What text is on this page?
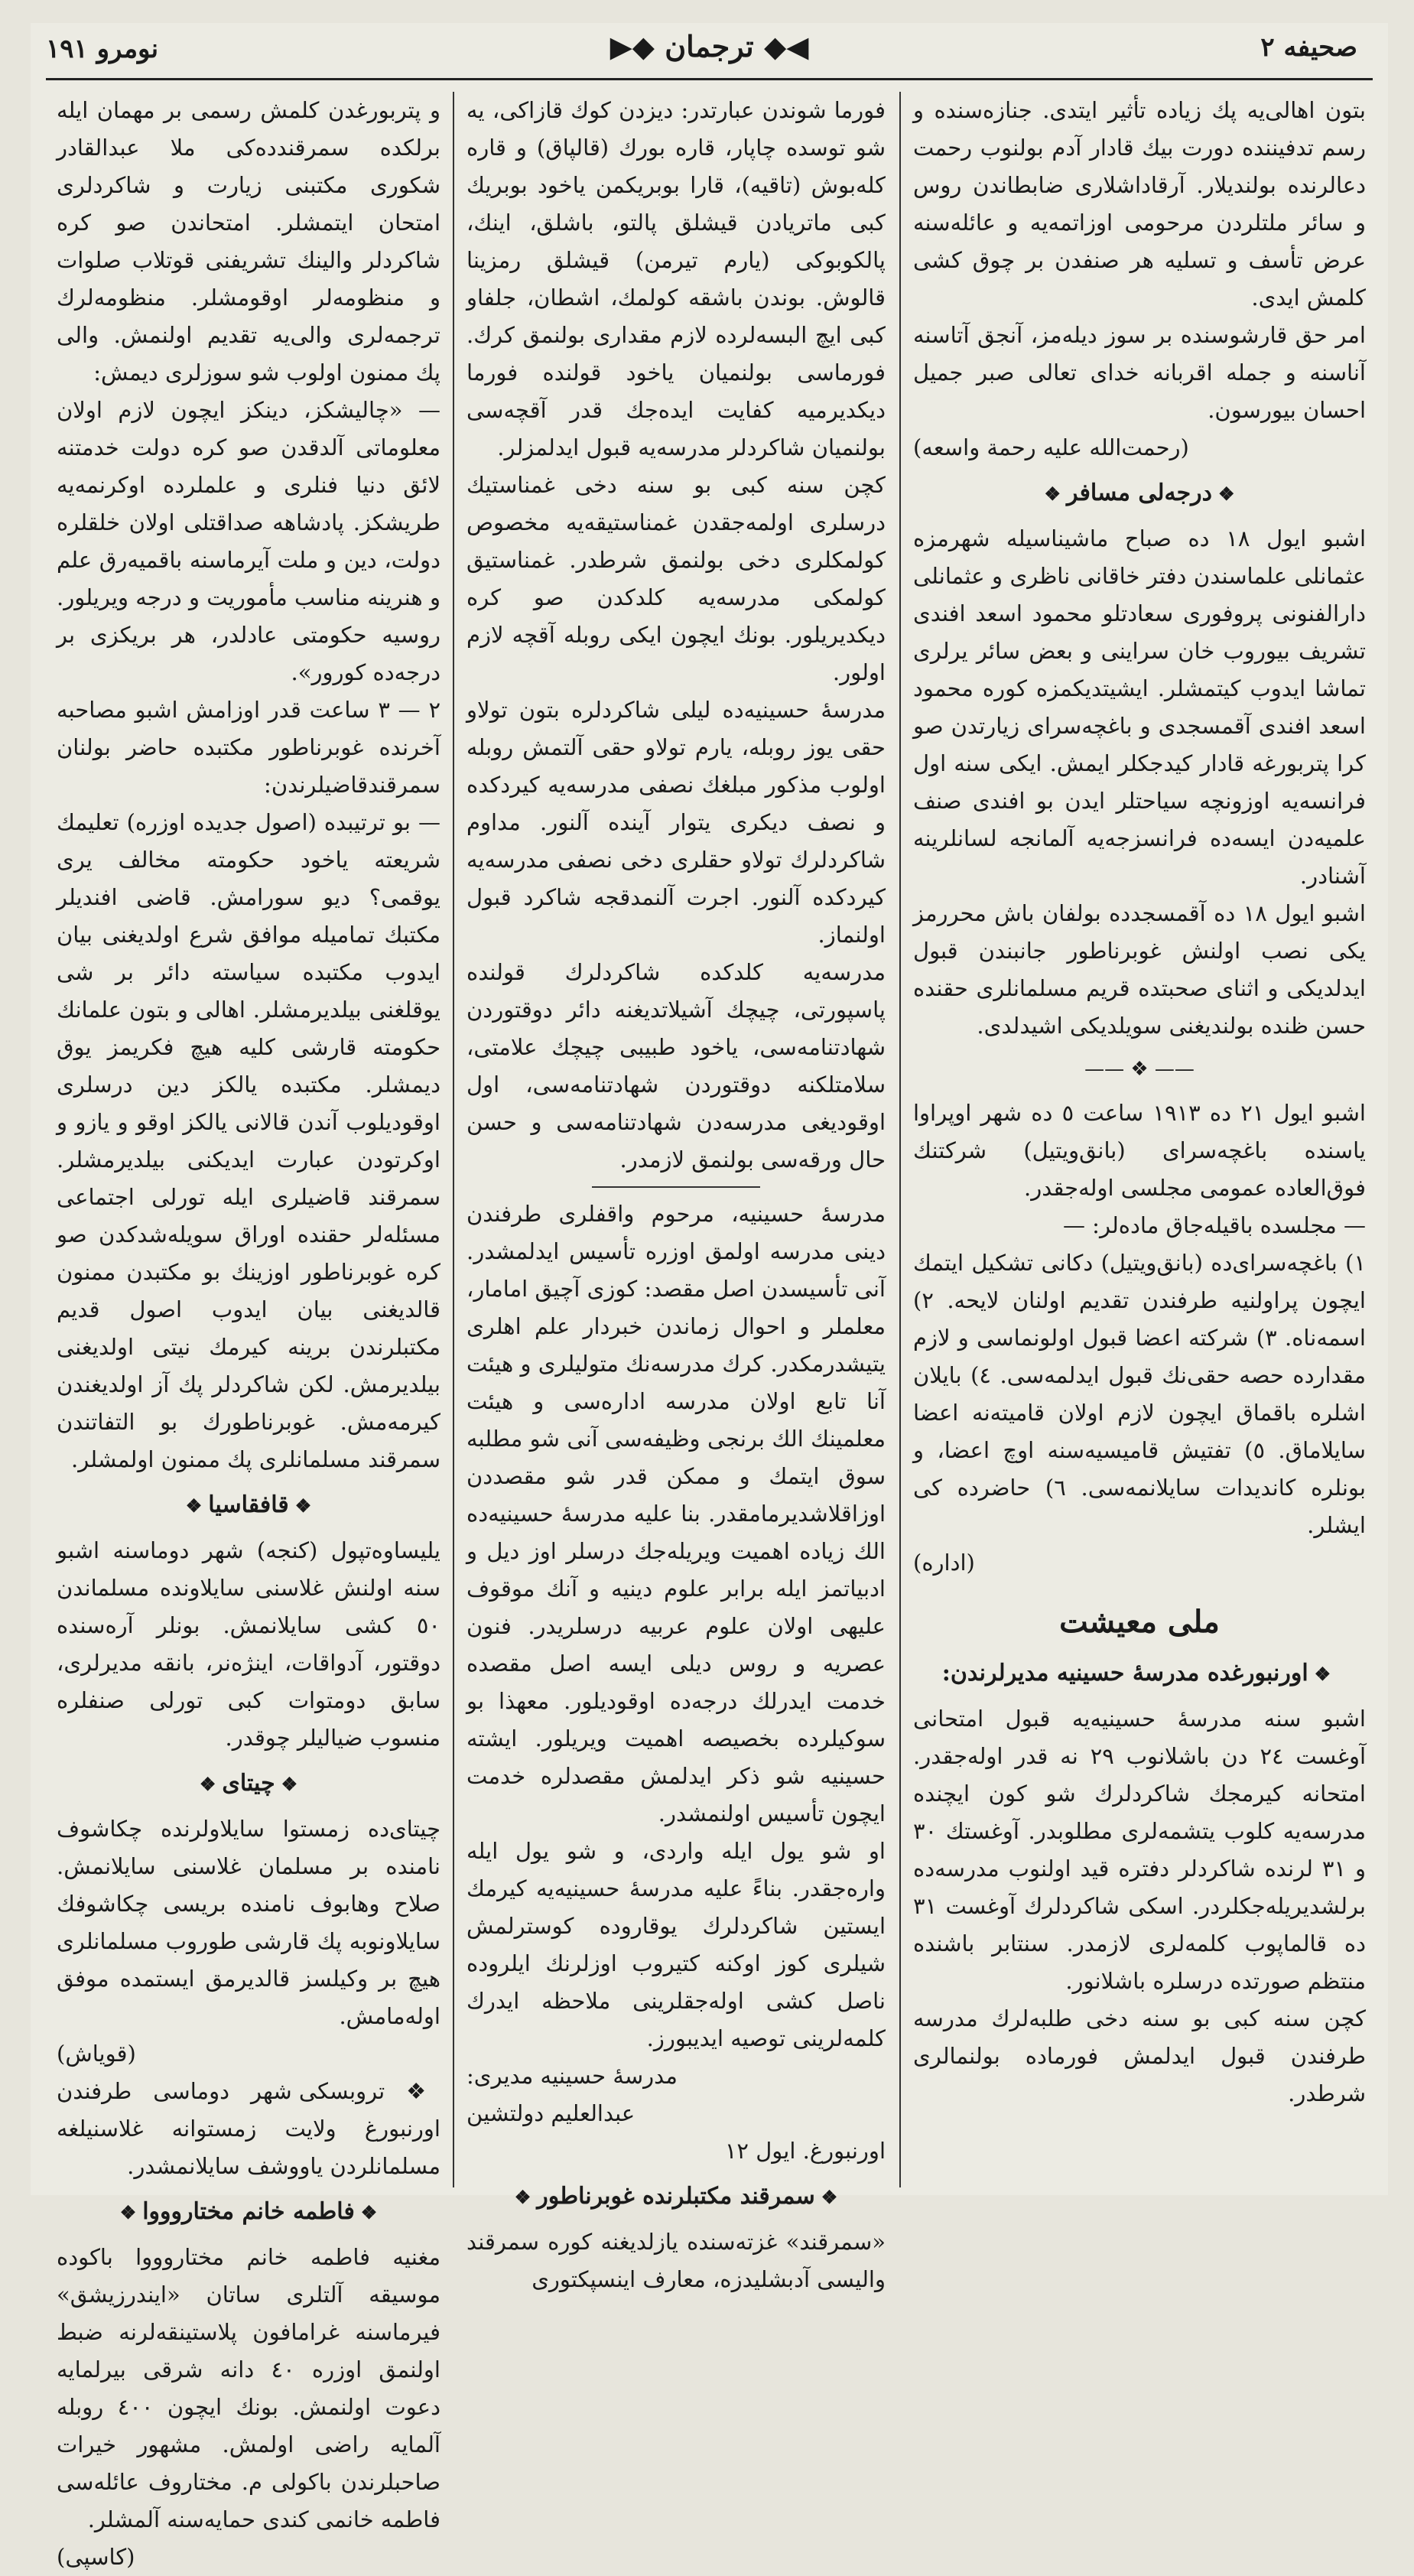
صحیفه ٢
◀◆ ترجمان ◆▶
نومرو ١٩١

بتون اهالی‌یه پك زیاده تأثیر ایتدی. جنازه‌سنده و رسم تدفیننده دورت بیك قادار آدم بولنوب رحمت دعالرنده بولندیلار. آرقاداشلاری ضابطاندن روس و سائر ملتلردن مرحومی اوزاتمه‌یه و عائله‌سنه عرض تأسف و تسلیه هر صنفدن بر چوق کشی کلمش ایدی.

امر حق قارشوسنده بر سوز دیله‌مز، آنجق آتاسنه آناسنه و جمله اقربانه خدای تعالی صبر جمیل احسان بیورسون.

(رحمت‌الله علیه رحمة واسعه)

❖درجه‌لی مسافر❖

اشبو ایول ١٨ ده صباح ماشینا‌سیله شهرمزه عثمانلی علماسندن دفتر خاقانی ناظری و عثمانلی دارالفنونی پروفوری سعادتلو محمود اسعد افندی تشریف بیوروب خان سراینی و بعض سائر یرلری تماشا ایدوب کیتمشلر. ایشیتدیکمزه کوره محمود اسعد افندی آقمسجدی و باغچه‌سرای زیارتدن صو کرا پتربورغه قادار کیدجکلر ایمش. ایکی سنه اول فرانسه‌یه اوزونچه سیاحتلر ایدن بو افندی صنف علمیه‌دن ایسه‌ده فرانسزجه‌یه آلمانجه لسانلرینه آشنادر.

اشبو ایول ١٨ ده آقمسجدده بولفان باش محررمز یکی نصب اولنش غوبرناطور جانبندن قبول ایدلدیکی و اثنای صحبتده قریم مسلمانلری حقنده حسن ظنده بولندیغنی سویلدیکی اشیدلدی.

—— ❖ ——

اشبو ایول ٢١ ده ١٩١٣ ساعت ٥ ده شهر اوپراوا یاسنده باغچه‌سرای (بانق‌ویتیل) شرکتنك فوق‌العاده عمومی مجلسی اوله‌جقدر.

— مجلسده باقیله‌جاق ماده‌لر: —

١) باغچه‌سرای‌ده (بانق‌ویتیل) دكانی تشکیل ایتمك ایچون پراولنیه طرفندن تقدیم اولنان لایحه. ٢) اسمه‌ناه. ٣) شرکته اعضا قبول اولونماسی و لازم مقدارده حصه حقی‌نك قبول ایدلمه‌سی. ٤) بایلان اشلره باقماق ایچون لازم اولان قامیته‌نه اعضا سایلاماق. ٥) تفتیش قامیسیه‌سنه اوچ اعضا، و بونلره کاندیدات سایلانمه‌سی. ٦) حاضرده کی ایشلر.

(اداره)

ملی معیشت
❖اورنبورغده مدرسهٔ حسینیه مدیرلرندن:

اشبو سنه مدرسهٔ حسینیه‌یه قبول امتحانی آوغست ٢٤ دن باشلانوب ٢٩ نه قدر اوله‌جقدر. امتحانه کیرمجك شاکردلرك شو کون ایچنده مدرسه‌یه کلوب یتشمه‌لری مطلوبدر. آوغستك ٣٠ و ٣١ لرنده شاکردلر دفتره قید اولنوب مدرسه‌ده برلشدیریله‌جکلردر. اسکی شاکردلرك آوغست ٣١ ده قالماپوب کلمه‌لری لازمدر. سنتابر باشنده منتظم صورتده درسلره باشلانور.

کچن سنه کبی بو سنه دخی طلبه‌لرك مدرسه طرفندن قبول ایدلمش فورماده بولنمالری شرطدر.

فورما شوندن عبارتدر: دیزدن کوك قازاکی، یه شو توسده چاپار، قاره بورك (قالپاق) و قاره کله‌بوش (تاقیه)، قارا بوبریکمن یاخود بوبریك کبی ماتریادن قیشلق پالتو، باشلق، اینك، پالکوبوکی (یارم تیرمن) قیشلق رمزینا قالوش. بوندن باشقه کولمك، اشطان، جلفاو کبی ایچ البسه‌لرده لازم مقداری بولنمق کرك. فورماسی بولنمیان یاخود قولنده فورما دیکدیرمیه کفایت ایده‌جك قدر آقچه‌سی بولنمیان شاکردلر مدرسه‌یه قبول ایدلمزلر.

کچن سنه کبی بو سنه دخی غمناستیك درسلری اولمه‌جقدن غمناستیقه‌یه مخصوص کولمکلری دخی بولنمق شرطدر. غمناستیق کولمکی مدرسه‌یه کلدکدن صو کره دیکدیریلور. بونك ایچون ایکی روبله آقچه لازم اولور.

مدرسهٔ حسینیه‌ده لیلی شاکردلره بتون تولاو حقی یوز روبله، یارم تولاو حقی آلتمش روبله اولوب مذکور مبلغك نصفی مدرسه‌یه کیردکده و نصف دیکری یتوار آینده آلنور. مداوم شاکردلرك تولاو حقلری دخی نصفی مدرسه‌یه کیردکده آلنور. اجرت آلنمدقجه شاکرد قبول اولنماز.

مدرسه‌یه کلدکده شاکردلرك قولنده پاسپورتی، چیچك آشیلاتدیغنه دائر دوقتوردن شهادتنامه‌سی، یاخود طبیبی چیچك علامتی، سلامتلکنه دوقتوردن شهادتنامه‌سی، اول اوقودیغی مدرسه‌دن شهادتنامه‌سی و حسن حال ورقه‌سی بولنمق لازمدر.

مدرسهٔ حسینیه، مرحوم واقفلری طرفندن دینی مدرسه اولمق اوزره تأسیس ایدلمشدر. آنی تأسیسدن اصل مقصد: کوزی آچیق امامار، معلملر و احوال زماندن خبردار علم اهلری یتیشدرمکدر. کرك مدرسه‌نك متولیلری و هیئت آنا تابع اولان مدرسه اداره‌سی و هیئت معلمینك الك برنجی وظیفه‌سی آنی شو مطلبه سوق ایتمك و ممکن قدر شو مقصددن اوزاقلاشدیرمامقدر. بنا علیه مدرسهٔ حسینیه‌ده الك زیاده اهمیت ویریله‌جك درسلر اوز دیل و ادبیاتمز ایله برابر علوم دینیه و آنك موقوف علیهی اولان علوم عربیه درسلریدر. فنون عصریه و روس دیلی ایسه اصل مقصده خدمت ایدرلك درجه‌ده اوقودیلور. معهذا بو سوکیلرده بخصیصه اهمیت ویریلور. ایشته حسینیه شو ذکر ایدلمش مقصدلره خدمت ایچون تأسیس اولنمشدر.

او شو یول ایله واردی، و شو یول ایله واره‌جقدر. بناءً علیه مدرسهٔ حسینیه‌یه کیرمك ایستین شاکردلرك یوقاروده کوسترلمش شیلری کوز اوکنه کتیروب اوزلرنك ایلروده ناصل کشی اوله‌جقلرینی ملاحظه ایدرك کلمه‌لرینی توصیه ایدیبورز.

مدرسهٔ حسینیه مدیری:

عبدالعلیم دولتشین

اورنبورغ. ایول ١٢

❖سمرقند مکتبلرنده غوبرناطور❖

«سمرقند» غزته‌سنده یازلدیغنه کوره سمرقند والیسی آدبشلیدزه، معارف اینسپکتوری

و پتربورغدن کلمش رسمی بر مهمان ایله برلکده سمرقندده‌کی ملا عبدالقادر شکوری مکتبنی زیارت و شاکردلری امتحان ایتمشلر. امتحاندن صو کره شاکردلر والینك تشریفنی قوتلاب صلوات و منظومه‌لر اوقومشلر. منظومه‌لرك ترجمه‌لری والی‌یه تقدیم اولنمش. والی پك ممنون اولوب شو سوزلری دیمش:

— «چالیشکز، دینکز ایچون لازم اولان معلوماتی آلدقدن صو کره دولت خدمتنه لائق دنیا فنلری و علملرده اوکرنمه‌یه طریشکز. پادشاهه صداقتلی اولان خلقلره دولت، دین و ملت آیرماسنه باقمیه‌رق علم و هنرینه مناسب مأموریت و درجه ویریلور. روسیه حکومتی عادلدر، هر بریکزی بر درجه‌ده کورور».

٢ — ٣ ساعت قدر اوزامش اشبو مصاحبه آخرنده غوبرناطور مکتبده حاضر بولنان سمرقندقاضیلرندن:

— بو ترتیبده (اصول جدیده اوزره) تعلیمك شریعته یاخود حکومته مخالف یری یوقمی؟ دیو سورامش. قاضی افندیلر مکتبك تمامیله موافق شرع اولدیغنی بیان ایدوب مکتبده سیاسته دائر بر شی یوقلغنی بیلدیرمشلر. اهالی و بتون علمانك حکومته قارشی کلیه هیچ فکریمز یوق دیمشلر. مکتبده یالکز دین درسلری اوقودیلوب آندن قالانی یالکز اوقو و یازو و اوکرتودن عبارت ایدیکنی بیلدیرمشلر. سمرقند قاضیلری ایله تورلی اجتماعی مسئله‌لر حقنده اوراق سویله‌شدکدن صو کره غوبرناطور اوزینك بو مکتبدن ممنون قالدیغنی بیان ایدوب اصول قدیم مکتبلرندن برینه کیرمك نیتی اولدیغنی بیلدیرمش. لکن شاکردلر پك آز اولدیغندن کیرمه‌مش. غوبرناطورك بو التفاتندن سمرقند مسلمانلری پك ممنون اولمشلر.

❖قافقاسیا❖

یلیساوه‌تپول (کنجه) شهر دوماسنه اشبو سنه اولنش غلاسنی سایلاونده مسلماندن ٥٠ کشی سایلانمش. بونلر آره‌سنده دوقتور، آدواقات، اینژه‌نر، بانقه مدیرلری، سابق دومتوات کبی تورلی صنفلره منسوب ضیالیلر چوقدر.

❖چیتای❖

چیتای‌ده زمستوا سایلاولرنده چکاشوف نامنده بر مسلمان غلاسنی سایلانمش. صلاح وهابوف نامنده بریسی چکاشوفك سایلاونوبه پك قارشی طوروب مسلمانلری هیچ بر وکیلسز قالدیرمق ایستمده موفق اوله‌مامش.

(قویاش)

❖ تروبسکی شهر دوماسی طرفندن اورنبورغ ولایت زمستوانه غلاسنیلغه مسلمانلردن یاووشف سایلانمشدر.

❖فاطمه خانم مختاروووا❖

مغنیه فاطمه خانم مختاروووا باکوده موسیقه آلتلری ساتان «ایندرزیشق» فیرماسنه غرامافون پلاستینقه‌لرنه ضبط اولنمق اوزره ٤٠ دانه شرقی بیرلمایه دعوت اولنمش. بونك ایچون ٤٠٠ روبله آلمایه راضی اولمش. مشهور خیرات صاحبلرندن باکولی م. مختاروف عائله‌سی فاطمه خانمی کندی حمایه‌سنه آلمشلر.

(کاسپی)
